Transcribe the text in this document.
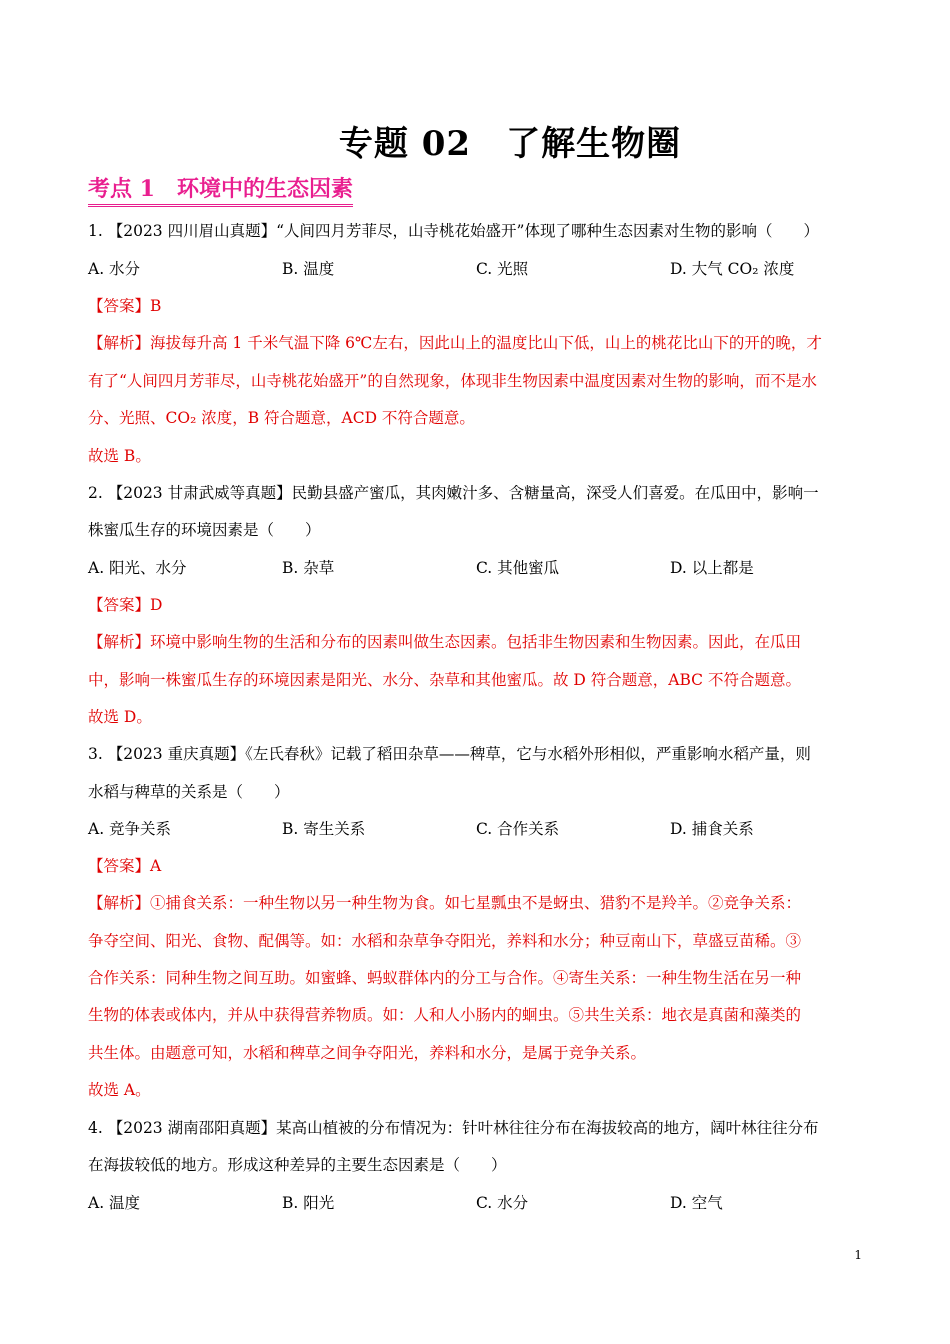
专题 02　了解生物圈
考点 1　环境中的生态因素
1. 【2023 四川眉山真题】“人间四月芳菲尽，山寺桃花始盛开”体现了哪种生态因素对生物的影响（　　）
A. 水分	B. 温度	C. 光照	D. 大气 CO₂ 浓度
【答案】B
【解析】海拔每升高 1 千米气温下降 6℃左右，因此山上的温度比山下低，山上的桃花比山下的开的晚，才
有了“人间四月芳菲尽，山寺桃花始盛开”的自然现象，体现非生物因素中温度因素对生物的影响，而不是水
分、光照、CO₂ 浓度，B 符合题意，ACD 不符合题意。
故选 B。
2. 【2023 甘肃武威等真题】民勤县盛产蜜瓜，其肉嫩汁多、含糖量高，深受人们喜爱。在瓜田中，影响一
株蜜瓜生存的环境因素是（　　）
A. 阳光、水分	B. 杂草	C. 其他蜜瓜	D. 以上都是
【答案】D
【解析】环境中影响生物的生活和分布的因素叫做生态因素。包括非生物因素和生物因素。因此，在瓜田
中，影响一株蜜瓜生存的环境因素是阳光、水分、杂草和其他蜜瓜。故 D 符合题意，ABC 不符合题意。
故选 D。
3. 【2023 重庆真题】《左氏春秋》记载了稻田杂草——稗草，它与水稻外形相似，严重影响水稻产量，则
水稻与稗草的关系是（　　）
A. 竞争关系	B. 寄生关系	C. 合作关系	D. 捕食关系
【答案】A
【解析】①捕食关系：一种生物以另一种生物为食。如七星瓢虫不是蚜虫、猎豹不是羚羊。②竞争关系：
争夺空间、阳光、食物、配偶等。如：水稻和杂草争夺阳光，养料和水分；种豆南山下，草盛豆苗稀。③
合作关系：同种生物之间互助。如蜜蜂、蚂蚁群体内的分工与合作。④寄生关系：一种生物生活在另一种
生物的体表或体内，并从中获得营养物质。如：人和人小肠内的蛔虫。⑤共生关系：地衣是真菌和藻类的
共生体。由题意可知，水稻和稗草之间争夺阳光，养料和水分，是属于竞争关系。
故选 A。
4. 【2023 湖南邵阳真题】某高山植被的分布情况为：针叶林往往分布在海拔较高的地方，阔叶林往往分布
在海拔较低的地方。形成这种差异的主要生态因素是（　　）
A. 温度	B. 阳光	C. 水分	D. 空气
1
